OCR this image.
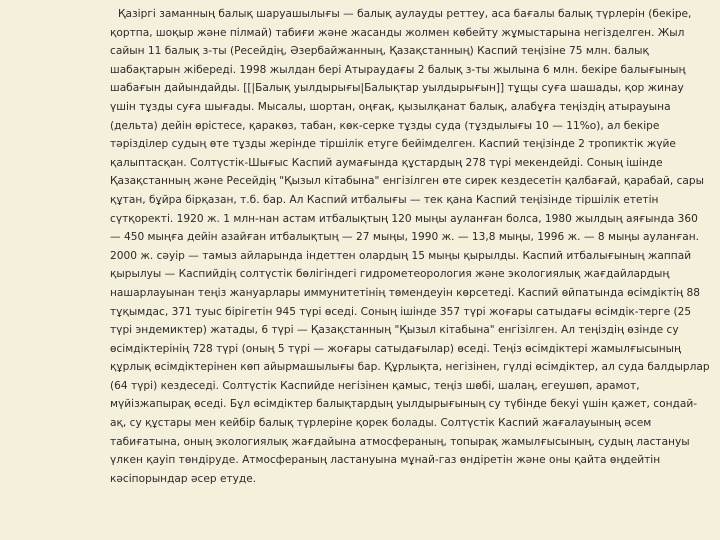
Қазіргі заманның балық шаруашылығы — балық аулауды реттеу, аса бағалы балық түрлерін (бекіре, қортпа, шоқыр және пілмай) табиғи және жасанды жолмен көбейту жұмыстарына негізделген. Жыл сайын 11 балық з-ты (Ресейдің, Әзербайжанның, Қазақстанның) Каспий теңізіне 75 млн. балық шабақтарын жібереді. 1998 жылдан бері Атыраудағы 2 балық з-ты жылына 6 млн. бекіре балығының шабағын дайындайды. [[|Балық уылдырығы|Балықтар уылдырығын]] тұщы суға шашады, қор жинау үшін тұзды суға шығады. Мысалы, шортан, оңғақ, қызылқанат балық, алабұға теңіздің атырауына (дельта) дейін өрістесе, қаракөз, табан, көк-серке тұзды суда (тұздылығы 10 — 11%о), ал бекіре тәріздiлер судың өте тұзды жерінде тіршілік етуге бейімделген. Каспий теңізінде 2 тропиктік жүйе қалыптасқан. Солтүстік-Шығыс Каспий аумағында құстардың 278 түрі мекендейді. Соның ішінде Қазақстанның және Ресейдің "Қызыл кітабына" енгізілген өте сирек кездесетін қалбағай, қарабай, сары құтан, бұйра бірқазан, т.б. бар. Ал Каспий итбалығы — тек қана Каспий теңізінде тіршілік ететін сүтқоректі. 1920 ж. 1 млн-нан астам итбалықтың 120 мыңы ауланған болса, 1980 жылдың аяғында 360 — 450 мыңға дейін азайған итбалықтың — 27 мыңы, 1990 ж. — 13,8 мыңы, 1996 ж. — 8 мыңы ауланған. 2000 ж. сәуір — тамыз айларында індеттен олардың 15 мыңы қырылды. Каспий итбалығының жаппай қырылуы — Каспийдің солтүстік бөлігіндегі гидрометеорология және экологиялық жағдайлардың нашарлауынан теңіз жануарлары иммунитетінің төмендеуін көрсетеді. Каспий өйпатында өсімдіктің 88 тұқымдас, 371 туыс бірігетін 945 түрі өседі. Соның ішінде 357 түрі жоғары сатыдағы өсімдік-терге (25 түрі эндемиктер) жатады, 6 түрі — Қазақстанның "Қызыл кітабына" енгізілген. Ал теңіздің өзінде су өсімдіктерінің 728 түрі (оның 5 түрі — жоғары сатыдағылар) өседі. Теңіз өсімдіктері жамылғысының құрлық өсімдіктерінен көп айырмашылығы бар. Құрлықта, негізінен, гүлді өсімдіктер, ал суда балдырлар (64 түрі) кездеседі. Солтүстік Каспийде негізінен қамыс, теңіз шөбі, шалаң, егеушөп, арамот, мүйізжапырақ өседі. Бұл өсімдіктер балықтардың уылдырығының су түбінде бекуі үшін қажет, сондай-ақ, су құстары мен кейбір балық түрлеріне қорек болады. Солтүстік Каспий жағалауының әсем табиғатына, оның экологиялық жағдайына атмосфераның, топырақ жамылғысының, судың ластануы үлкен қауіп төндіруде. Атмосфераның ластануына мұнай-газ өндіретін және оны қайта өңдейтін кәсіпорындар әсер етуде.
